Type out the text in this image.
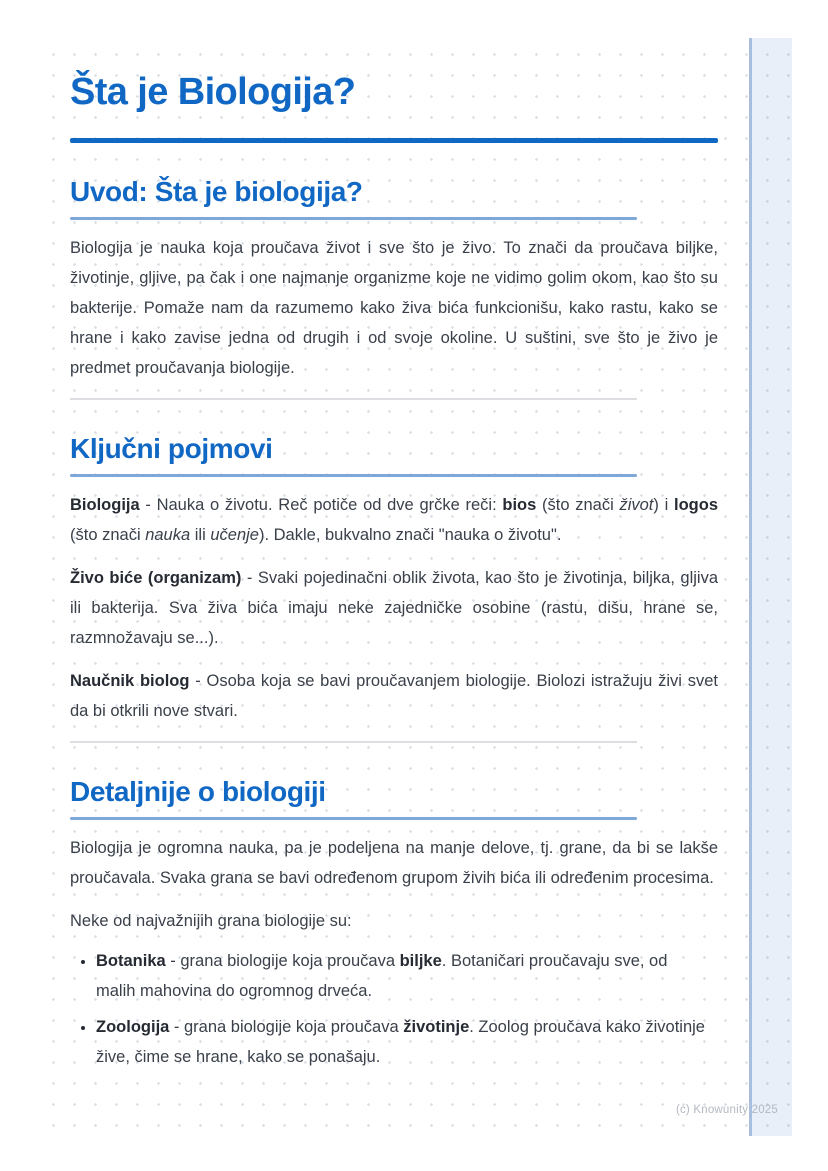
Šta je Biologija?
Uvod: Šta je biologija?

Biologija je nauka koja proučava život i sve što je živo. To znači da proučava biljke, životinje, gljive, pa čak i one najmanje organizme koje ne vidimo golim okom, kao što su bakterije. Pomaže nam da razumemo kako živa bića funkcionišu, kako rastu, kako se hrane i kako zavise jedna od drugih i od svoje okoline. U suštini, sve što je živo je predmet proučavanja biologije.

Ključni pojmovi

Biologija - Nauka o životu. Reč potiče od dve grčke reči: bios (što znači život) i logos (što znači nauka ili učenje). Dakle, bukvalno znači "nauka o životu".

Živo biće (organizam) - Svaki pojedinačni oblik života, kao što je životinja, biljka, gljiva ili bakterija. Sva živa bića imaju neke zajedničke osobine (rastu, dišu, hrane se, razmnožavaju se...).

Naučnik biolog - Osoba koja se bavi proučavanjem biologije. Biolozi istražuju živi svet da bi otkrili nove stvari.

Detaljnije o biologiji

Biologija je ogromna nauka, pa je podeljena na manje delove, tj. grane, da bi se lakše proučavala. Svaka grana se bavi određenom grupom živih bića ili određenim procesima.

Neke od najvažnijih grana biologije su:

• Botanika - grana biologije koja proučava biljke. Botaničari proučavaju sve, od malih mahovina do ogromnog drveća.
• Zoologija - grana biologije koja proučava životinje. Zoolog proučava kako životinje žive, čime se hrane, kako se ponašaju.
(c) Knowunity 2025
